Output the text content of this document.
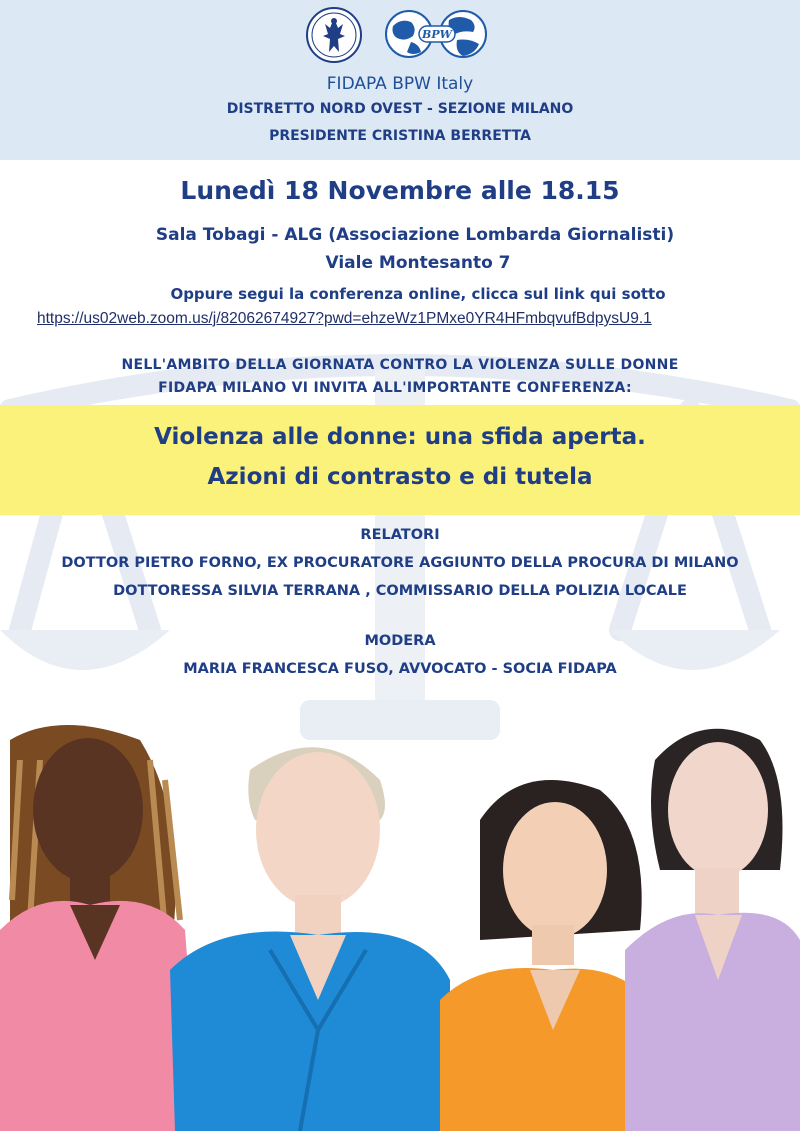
BPW
FIDAPA BPW Italy
DISTRETTO NORD OVEST - SEZIONE MILANO
PRESIDENTE CRISTINA BERRETTA
Lunedì 18 Novembre alle 18.15
Sala Tobagi - ALG (Associazione Lombarda Giornalisti)
Viale Montesanto 7
Oppure segui la conferenza online, clicca sul link qui sotto
https://us02web.zoom.us/j/82062674927?pwd=ehzeWz1PMxe0YR4HFmbqvufBdpysU9.1
NELL'AMBITO DELLA GIORNATA CONTRO LA VIOLENZA SULLE DONNE
FIDAPA MILANO VI INVITA ALL'IMPORTANTE CONFERENZA:
Violenza alle donne: una sfida aperta.
Azioni di contrasto e di tutela
RELATORI
DOTTOR PIETRO FORNO, EX PROCURATORE AGGIUNTO DELLA PROCURA DI MILANO
DOTTORESSA SILVIA TERRANA , COMMISSARIO DELLA POLIZIA LOCALE
MODERA
MARIA FRANCESCA FUSO, AVVOCATO - SOCIA FIDAPA
